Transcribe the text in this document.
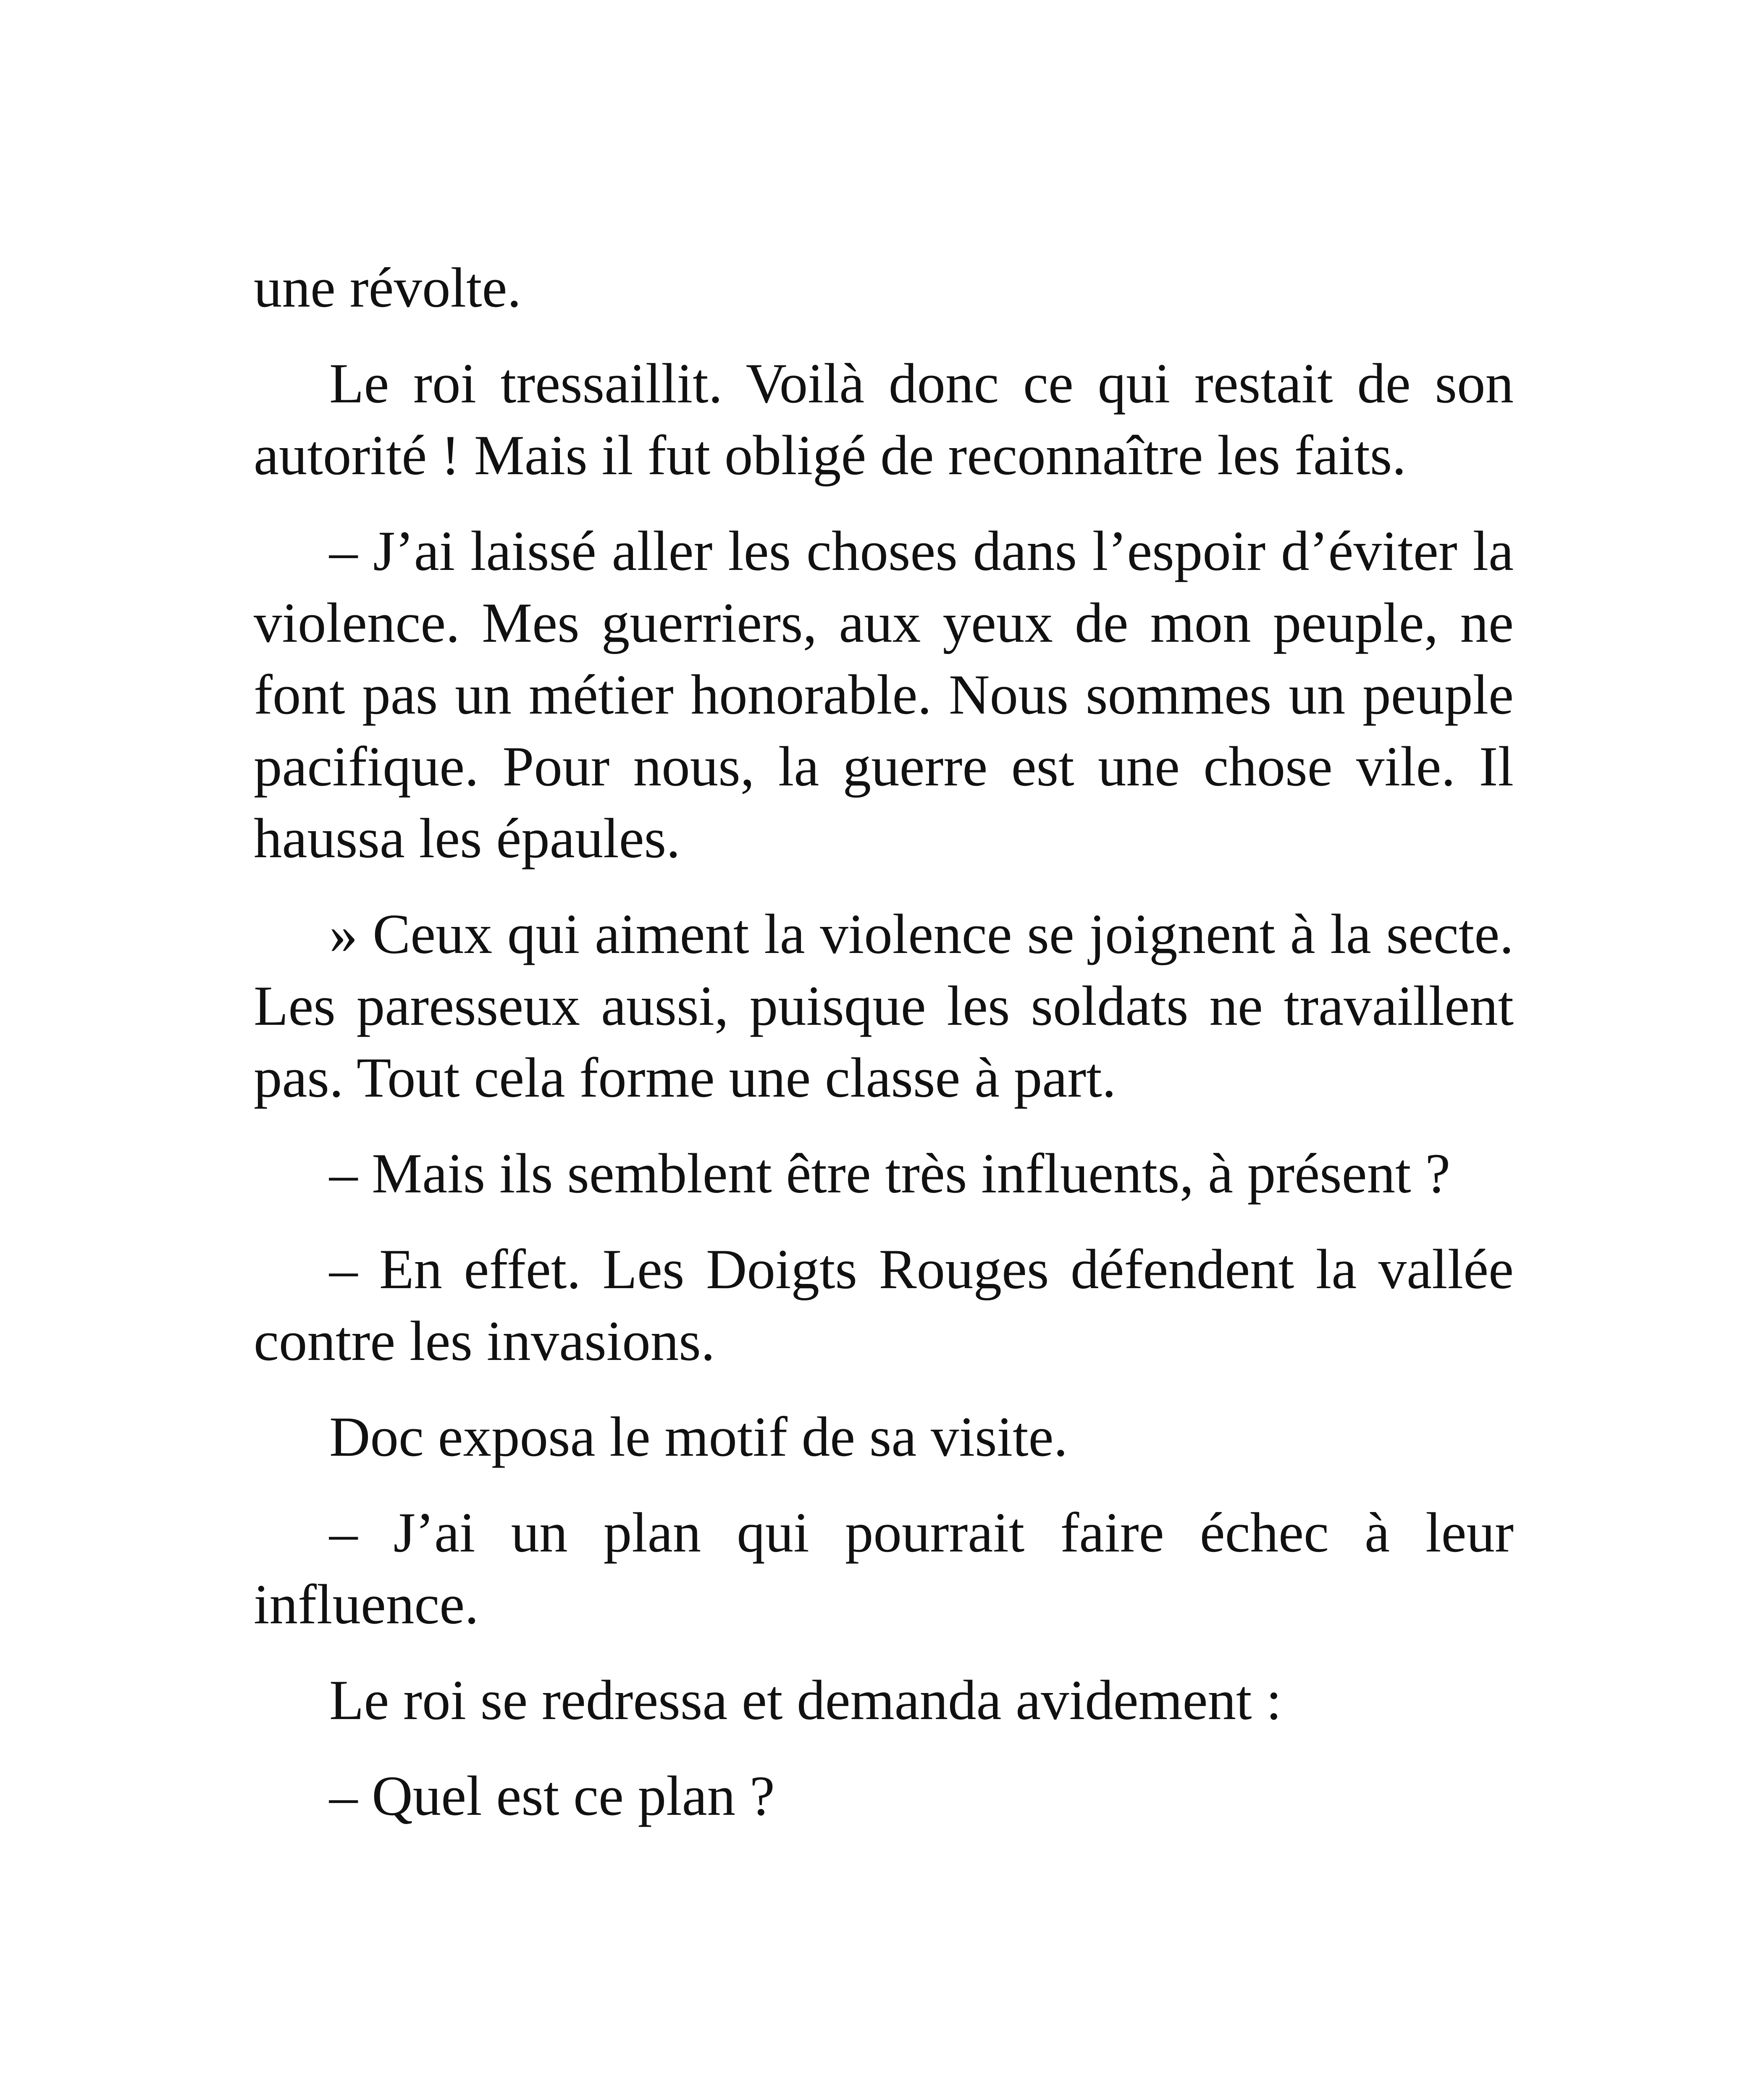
une révolte.

Le roi tressaillit. Voilà donc ce qui restait de son autorité ! Mais il fut obligé de reconnaître les faits.

– J’ai laissé aller les choses dans l’espoir d’éviter la violence. Mes guerriers, aux yeux de mon peuple, ne font pas un métier honorable. Nous sommes un peuple pacifique. Pour nous, la guerre est une chose vile. Il haussa les épaules.

» Ceux qui aiment la violence se joignent à la secte. Les paresseux aussi, puisque les soldats ne travaillent pas. Tout cela forme une classe à part.

– Mais ils semblent être très influents, à présent ?

– En effet. Les Doigts Rouges défendent la vallée contre les invasions.

Doc exposa le motif de sa visite.

– J’ai un plan qui pourrait faire échec à leur influence.

Le roi se redressa et demanda avidement :

– Quel est ce plan ?
